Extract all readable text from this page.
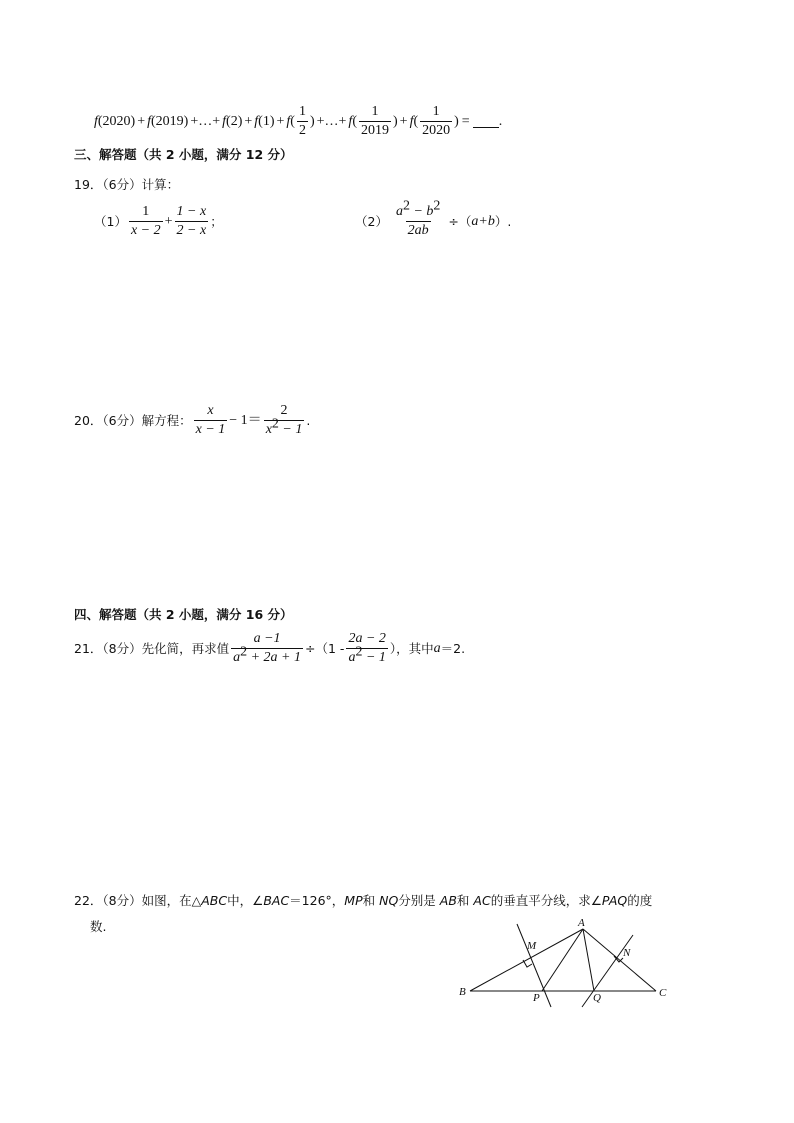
f (2020) + f (2019) +…+ f (2) + f (1) + f ( $\frac{1}{2}$ ) +…+ f ( $\frac{1}{2019}$ ) + f ( $\frac{1}{2020}$ ) = .
三、解答题（共 2 小题，满分 12 分）
19．（6分）计算：
$(1) \frac{1}{x - 2} + \frac{1 - x}{2 - x}$ ；	$(2) \frac{a^2 - b^2}{2ab}$ ÷（ a+b ）.
20．（6分）解方程： $\frac{x}{x - 1} - 1= \frac{2}{x^2 - 1}$ .
四、解答题（共 2 小题，满分 16 分）
21．（8分）先化简，再求值 $\frac{a -1}{a^2 + 2a + 1} \div(1 - \frac{2a - 2}{a^2 - 1}$ ），其中 a ＝2.
22．（8分）如图，在△ABC中，∠BAC＝126°，MP和 NQ分别是 AB和 AC的垂直平分线，求∠PAQ的度
数.	A
B	C
M
N
P	Q
